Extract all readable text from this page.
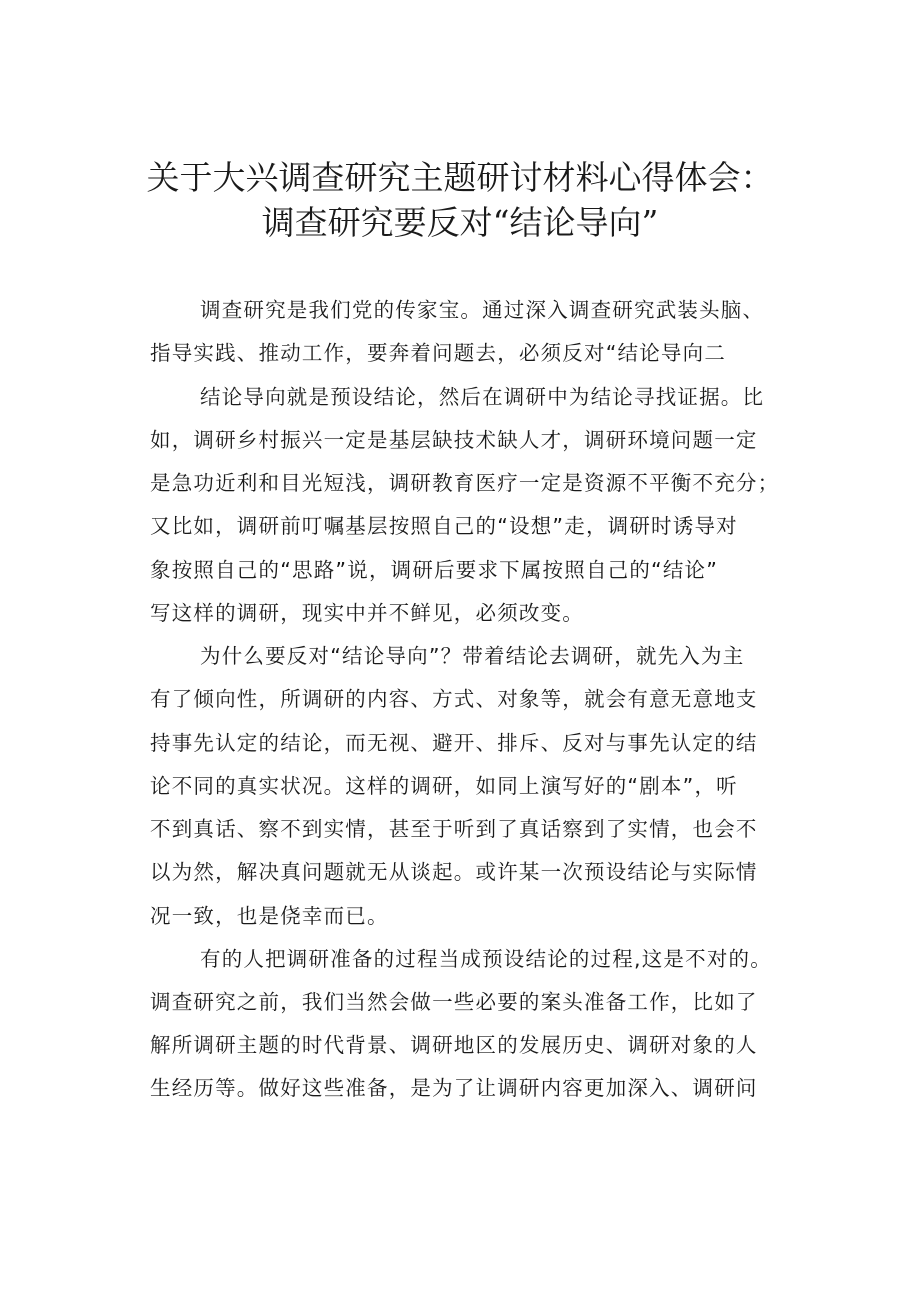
关于大兴调查研究主题研讨材料心得体会：
调查研究要反对“结论导向”
调查研究是我们党的传家宝。通过深入调查研究武装头脑、
指导实践、推动工作，要奔着问题去，必须反对“结论导向二
结论导向就是预设结论，然后在调研中为结论寻找证据。比
如，调研乡村振兴一定是基层缺技术缺人才，调研环境问题一定
是急功近利和目光短浅，调研教育医疗一定是资源不平衡不充分；
又比如，调研前叮嘱基层按照自己的“设想”走，调研时诱导对
象按照自己的“思路”说，调研后要求下属按照自己的“结论”
写这样的调研，现实中并不鲜见，必须改变。
为什么要反对“结论导向”？带着结论去调研，就先入为主
有了倾向性，所调研的内容、方式、对象等，就会有意无意地支
持事先认定的结论，而无视、避开、排斥、反对与事先认定的结
论不同的真实状况。这样的调研，如同上演写好的“剧本”，听
不到真话、察不到实情，甚至于听到了真话察到了实情，也会不
以为然，解决真问题就无从谈起。或许某一次预设结论与实际情
况一致，也是侥幸而已。
有的人把调研准备的过程当成预设结论的过程,这是不对的。
调查研究之前，我们当然会做一些必要的案头准备工作，比如了
解所调研主题的时代背景、调研地区的发展历史、调研对象的人
生经历等。做好这些准备，是为了让调研内容更加深入、调研问
